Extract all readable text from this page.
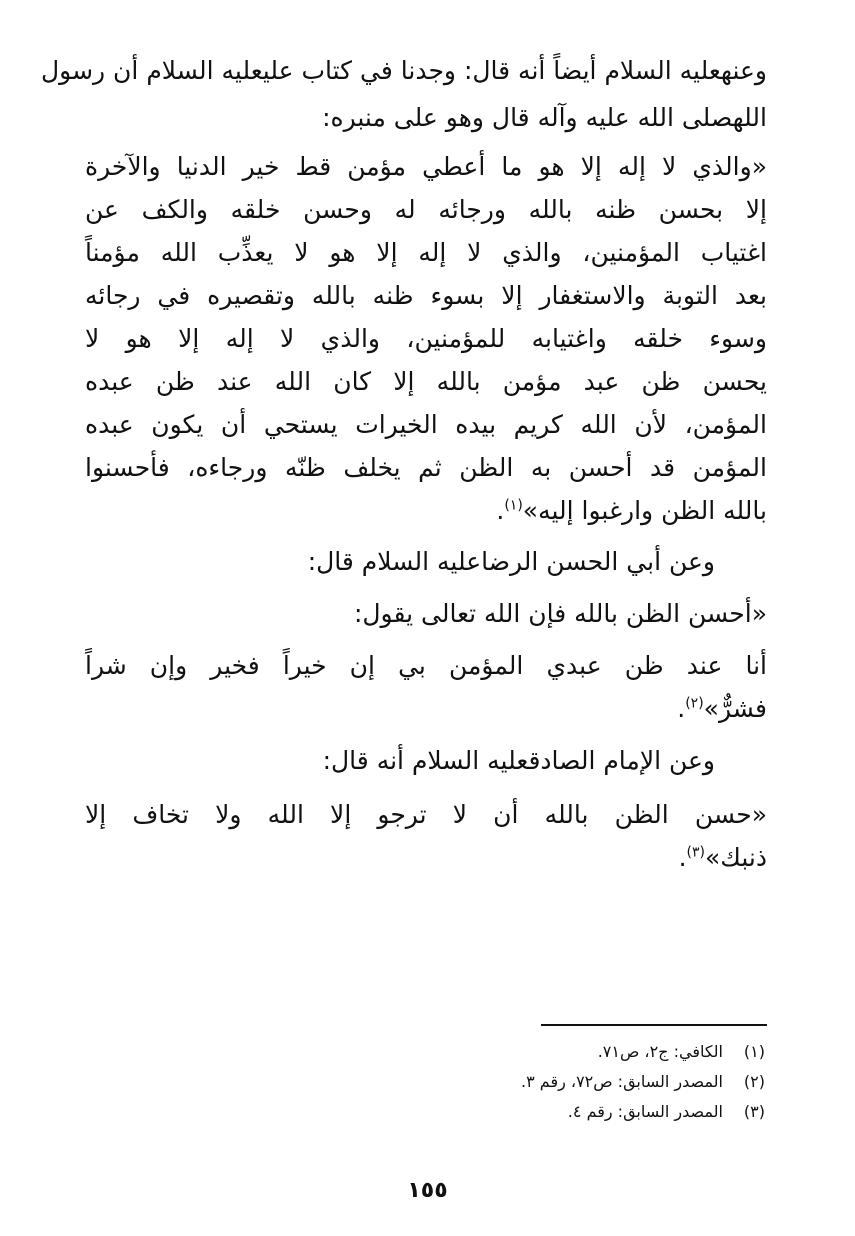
وعنهعليه السلام أيضاً أنه قال: وجدنا في كتاب عليعليه السلام أن رسول
اللهصلى الله عليه وآله قال وهو على منبره:
«والذي لا إله إلا هو ما أعطي مؤمن قط خير الدنيا والآخرة
إلا بحسن ظنه بالله ورجائه له وحسن خلقه والكف عن
اغتياب المؤمنين، والذي لا إله إلا هو لا يعذِّب الله مؤمناً
بعد التوبة والاستغفار إلا بسوء ظنه بالله وتقصيره في رجائه
وسوء خلقه واغتيابه للمؤمنين، والذي لا إله إلا هو لا
يحسن ظن عبد مؤمن بالله إلا كان الله عند ظن عبده
المؤمن، لأن الله كريم بيده الخيرات يستحي أن يكون عبده
المؤمن قد أحسن به الظن ثم يخلف ظنّه ورجاءه، فأحسنوا
بالله الظن وارغبوا إليه»$^{(١)}$.
وعن أبي الحسن الرضاعليه السلام قال:
«أحسن الظن بالله فإن الله تعالى يقول:
أنا عند ظن عبدي المؤمن بي إن خيراً فخير وإن شراً
فشرٌّ»$^{(٢)}$.
وعن الإمام الصادقعليه السلام أنه قال:
«حسن الظن بالله أن لا ترجو إلا الله ولا تخاف إلا
ذنبك»$^{(٣)}$.
(١)الكافي: ج٢، ص٧١.
(٢)المصدر السابق: ص٧٢، رقم ٣.
(٣)المصدر السابق: رقم ٤.
١٥٥
